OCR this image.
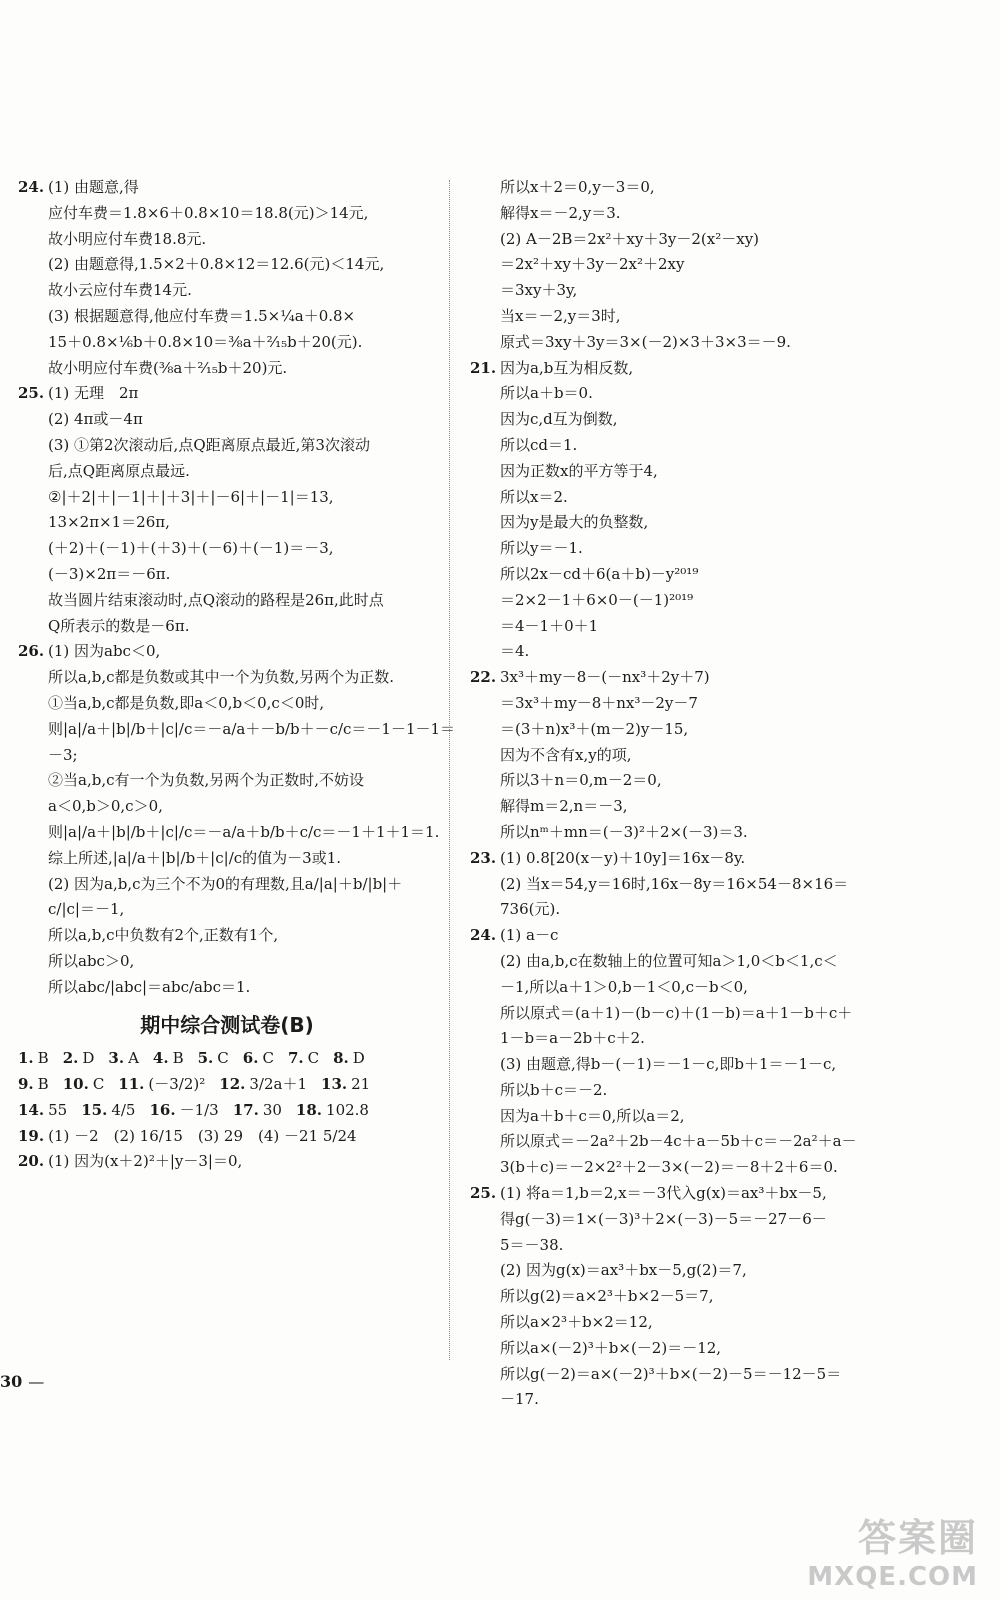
24. (1) 由题意,得
应付车费＝1.8×6＋0.8×10＝18.8(元)＞14元,
故小明应付车费18.8元.
(2) 由题意得,1.5×2＋0.8×12＝12.6(元)＜14元,
故小云应付车费14元.
(3) 根据题意得,他应付车费＝1.5×¼a＋0.8×
15＋0.8×⅙b＋0.8×10＝⅜a＋²⁄₁₅b＋20(元).
故小明应付车费(⅜a＋²⁄₁₅b＋20)元.
25. (1) 无理　2π
(2) 4π或－4π
(3) ①第2次滚动后,点Q距离原点最近,第3次滚动
后,点Q距离原点最远.
②|＋2|＋|－1|＋|＋3|＋|－6|＋|－1|＝13,
13×2π×1＝26π,
(＋2)＋(－1)＋(＋3)＋(－6)＋(－1)＝－3,
(－3)×2π＝－6π.
故当圆片结束滚动时,点Q滚动的路程是26π,此时点
Q所表示的数是－6π.
26. (1) 因为abc＜0,
所以a,b,c都是负数或其中一个为负数,另两个为正数.
①当a,b,c都是负数,即a＜0,b＜0,c＜0时,
则|a|/a＋|b|/b＋|c|/c＝－a/a＋－b/b＋－c/c＝－1－1－1＝
－3;
②当a,b,c有一个为负数,另两个为正数时,不妨设
a＜0,b＞0,c＞0,
则|a|/a＋|b|/b＋|c|/c＝－a/a＋b/b＋c/c＝－1＋1＋1＝1.
综上所述,|a|/a＋|b|/b＋|c|/c的值为－3或1.
(2) 因为a,b,c为三个不为0的有理数,且a/|a|＋b/|b|＋
c/|c|＝－1,
所以a,b,c中负数有2个,正数有1个,
所以abc＞0,
所以abc/|abc|＝abc/abc＝1.
期中综合测试卷(B)
1. B 2. D 3. A 4. B 5. C 6. C 7. C 8. D
9. B 10. C 11. (－3/2)² 12. 3/2a＋1 13. 21
14. 55 15. 4/5 16. －1/3 17. 30 18. 102.8
19. (1) －2　(2) 16/15　(3) 29　(4) －21 5/24
20. (1) 因为(x＋2)²＋|y－3|＝0,
所以x＋2＝0,y－3＝0,
解得x＝－2,y＝3.
(2) A－2B＝2x²＋xy＋3y－2(x²－xy)
＝2x²＋xy＋3y－2x²＋2xy
＝3xy＋3y,
当x＝－2,y＝3时,
原式＝3xy＋3y＝3×(－2)×3＋3×3＝－9.
21. 因为a,b互为相反数,
所以a＋b＝0.
因为c,d互为倒数,
所以cd＝1.
因为正数x的平方等于4,
所以x＝2.
因为y是最大的负整数,
所以y＝－1.
所以2x－cd＋6(a＋b)－y²⁰¹⁹
＝2×2－1＋6×0－(－1)²⁰¹⁹
＝4－1＋0＋1
＝4.
22. 3x³＋my－8－(－nx³＋2y＋7)
＝3x³＋my－8＋nx³－2y－7
＝(3＋n)x³＋(m－2)y－15,
因为不含有x,y的项,
所以3＋n＝0,m－2＝0,
解得m＝2,n＝－3,
所以nᵐ＋mn＝(－3)²＋2×(－3)＝3.
23. (1) 0.8[20(x－y)＋10y]＝16x－8y.
(2) 当x＝54,y＝16时,16x－8y＝16×54－8×16＝
736(元).
24. (1) a－c
(2) 由a,b,c在数轴上的位置可知a＞1,0＜b＜1,c＜
－1,所以a＋1＞0,b－1＜0,c－b＜0,
所以原式＝(a＋1)－(b－c)＋(1－b)＝a＋1－b＋c＋
1－b＝a－2b＋c＋2.
(3) 由题意,得b－(－1)＝－1－c,即b＋1＝－1－c,
所以b＋c＝－2.
因为a＋b＋c＝0,所以a＝2,
所以原式＝－2a²＋2b－4c＋a－5b＋c＝－2a²＋a－
3(b＋c)＝－2×2²＋2－3×(－2)＝－8＋2＋6＝0.
25. (1) 将a＝1,b＝2,x＝－3代入g(x)＝ax³＋bx－5,
得g(－3)＝1×(－3)³＋2×(－3)－5＝－27－6－
5＝－38.
(2) 因为g(x)＝ax³＋bx－5,g(2)＝7,
所以g(2)＝a×2³＋b×2－5＝7,
所以a×2³＋b×2＝12,
所以a×(－2)³＋b×(－2)＝－12,
所以g(－2)＝a×(－2)³＋b×(－2)－5＝－12－5＝
－17.
30 —
答案圈
MXQE.COM
